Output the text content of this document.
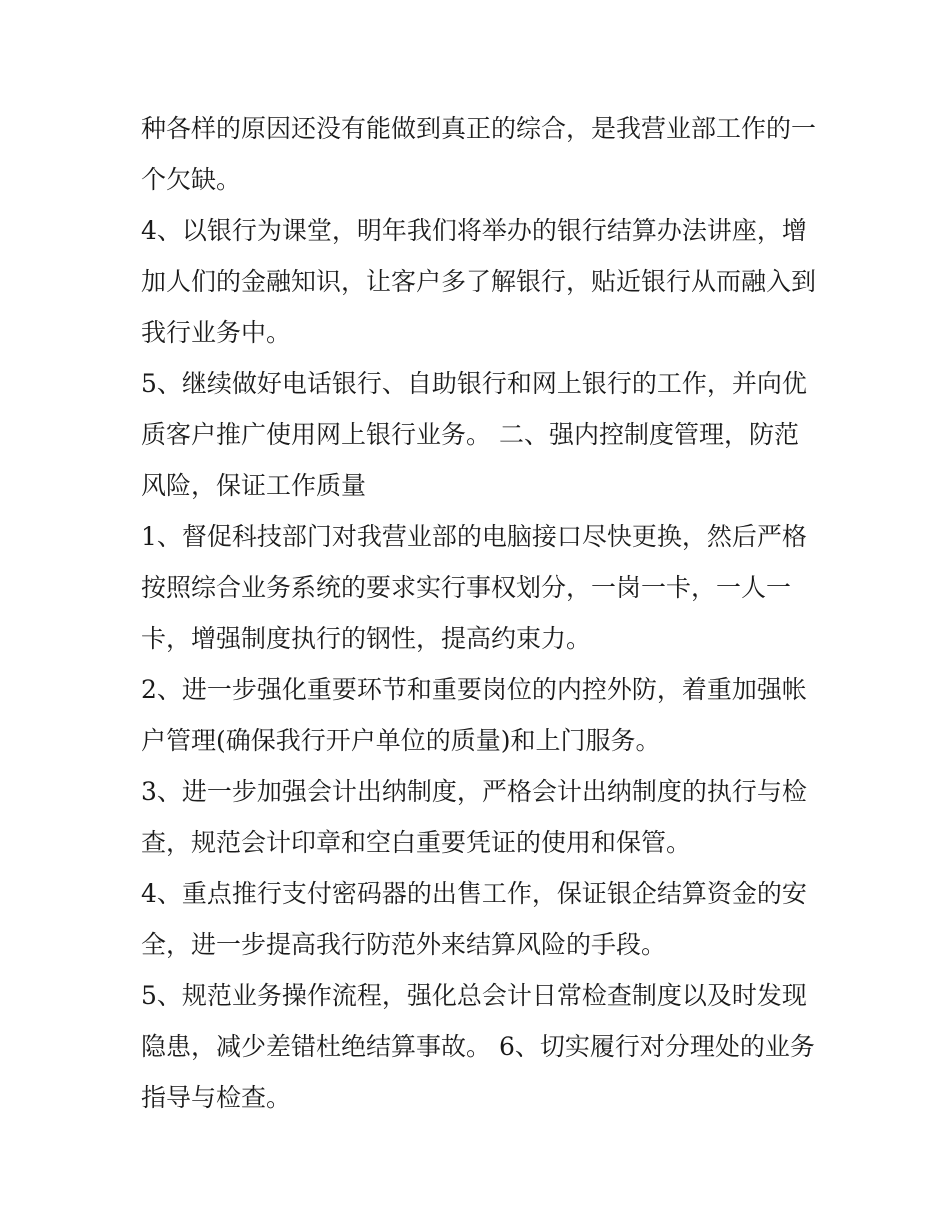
种各样的原因还没有能做到真正的综合，是我营业部工作的一
个欠缺。
4、以银行为课堂，明年我们将举办的银行结算办法讲座，增
加人们的金融知识，让客户多了解银行，贴近银行从而融入到
我行业务中。
5、继续做好电话银行、自助银行和网上银行的工作，并向优
质客户推广使用网上银行业务。 二、强内控制度管理，防范
风险，保证工作质量
1、督促科技部门对我营业部的电脑接口尽快更换，然后严格
按照综合业务系统的要求实行事权划分，一岗一卡，一人一
卡，增强制度执行的钢性，提高约束力。
2、进一步强化重要环节和重要岗位的内控外防，着重加强帐
户管理(确保我行开户单位的质量)和上门服务。
3、进一步加强会计出纳制度，严格会计出纳制度的执行与检
查，规范会计印章和空白重要凭证的使用和保管。
4、重点推行支付密码器的出售工作，保证银企结算资金的安
全，进一步提高我行防范外来结算风险的手段。
5、规范业务操作流程，强化总会计日常检查制度以及时发现
隐患，减少差错杜绝结算事故。 6、切实履行对分理处的业务
指导与检查。
